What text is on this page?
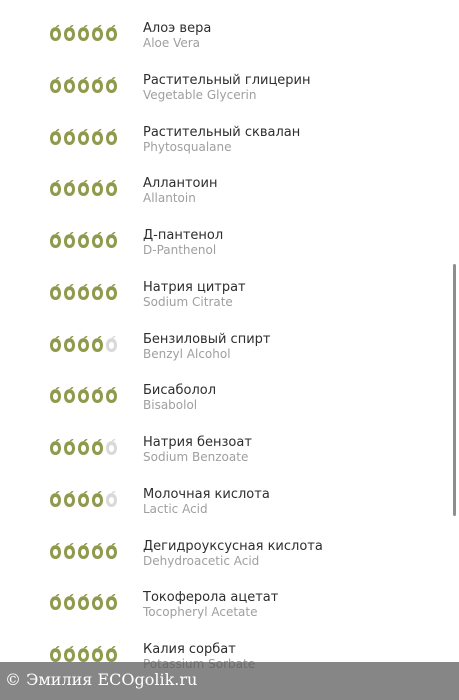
Алоэ вера
Aloe Vera
Растительный глицерин
Vegetable Glycerin
Растительный сквалан
Phytosqualane
Аллантоин
Allantoin
Д-пантенол
D-Panthenol
Натрия цитрат
Sodium Citrate
Бензиловый спирт
Benzyl Alcohol
Бисаболол
Bisabolol
Натрия бензоат
Sodium Benzoate
Молочная кислота
Lactic Acid
Дегидроуксусная кислота
Dehydroacetic Acid
Токоферола ацетат
Tocopheryl Acetate
Калия сорбат
© Эмилия ECOgolik.ru
